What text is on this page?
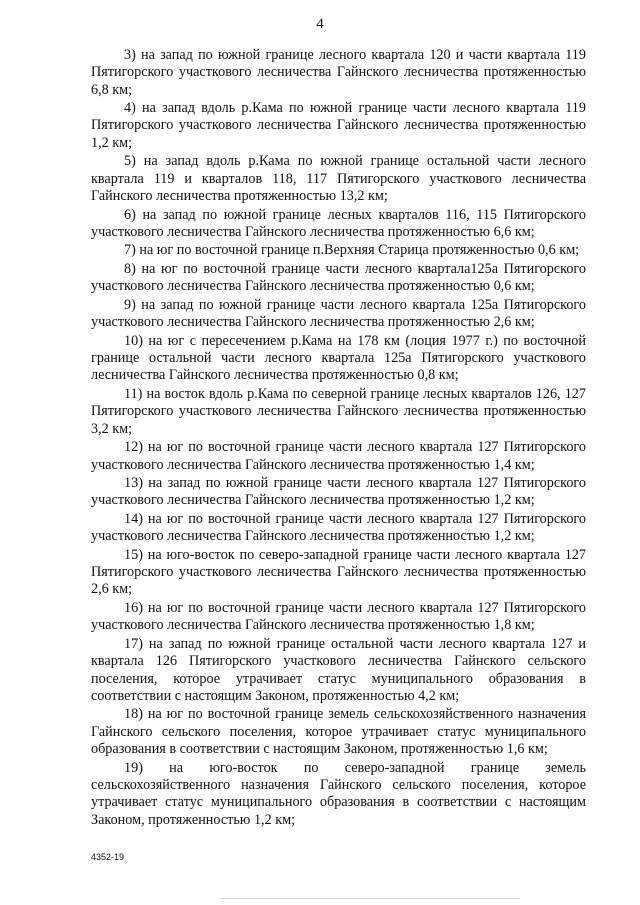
4

3) на запад по южной границе лесного квартала 120 и части квартала 119 Пятигорского участкового лесничества Гайнского лесничества протяженностью 6,8 км;

4) на запад вдоль р.Кама по южной границе части лесного квартала 119 Пятигорского участкового лесничества Гайнского лесничества протяженностью 1,2 км;

5) на запад вдоль р.Кама по южной границе остальной части лесного квартала 119 и кварталов 118, 117 Пятигорского участкового лесничества Гайнского лесничества протяженностью 13,2 км;

6) на запад по южной границе лесных кварталов 116, 115 Пятигорского участкового лесничества Гайнского лесничества протяженностью 6,6 км;

7) на юг по восточной границе п.Верхняя Старица протяженностью 0,6 км;

8) на юг по восточной границе части лесного квартала125а Пятигорского участкового лесничества Гайнского лесничества протяженностью 0,6 км;

9) на запад по южной границе части лесного квартала 125а Пятигорского участкового лесничества Гайнского лесничества протяженностью 2,6 км;

10) на юг с пересечением р.Кама на 178 км (лоция 1977 г.) по восточной границе остальной части лесного квартала 125а Пятигорского участкового лесничества Гайнского лесничества протяженностью 0,8 км;

11) на восток вдоль р.Кама по северной границе лесных кварталов 126, 127 Пятигорского участкового лесничества Гайнского лесничества протяженностью 3,2 км;

12) на юг по восточной границе части лесного квартала 127 Пятигорского участкового лесничества Гайнского лесничества протяженностью 1,4 км;

13) на запад по южной границе части лесного квартала 127 Пятигорского участкового лесничества Гайнского лесничества протяженностью 1,2 км;

14) на юг по восточной границе части лесного квартала 127 Пятигорского участкового лесничества Гайнского лесничества протяженностью 1,2 км;

15) на юго-восток по северо-западной границе части лесного квартала 127 Пятигорского участкового лесничества Гайнского лесничества протяженностью 2,6 км;

16) на юг по восточной границе части лесного квартала 127 Пятигорского участкового лесничества Гайнского лесничества протяженностью 1,8 км;

17) на запад по южной границе остальной части лесного квартала 127 и квартала 126 Пятигорского участкового лесничества Гайнского сельского поселения, которое утрачивает статус муниципального образования в соответствии с настоящим Законом, протяженностью 4,2 км;

18) на юг по восточной границе земель сельскохозяйственного назначения Гайнского сельского поселения, которое утрачивает статус муниципального образования в соответствии с настоящим Законом, протяженностью 1,6 км;

19) на юго-восток по северо-западной границе земель сельскохозяйственного назначения Гайнского сельского поселения, которое утрачивает статус муниципального образования в соответствии с настоящим Законом, протяженностью 1,2 км;

4352-19
